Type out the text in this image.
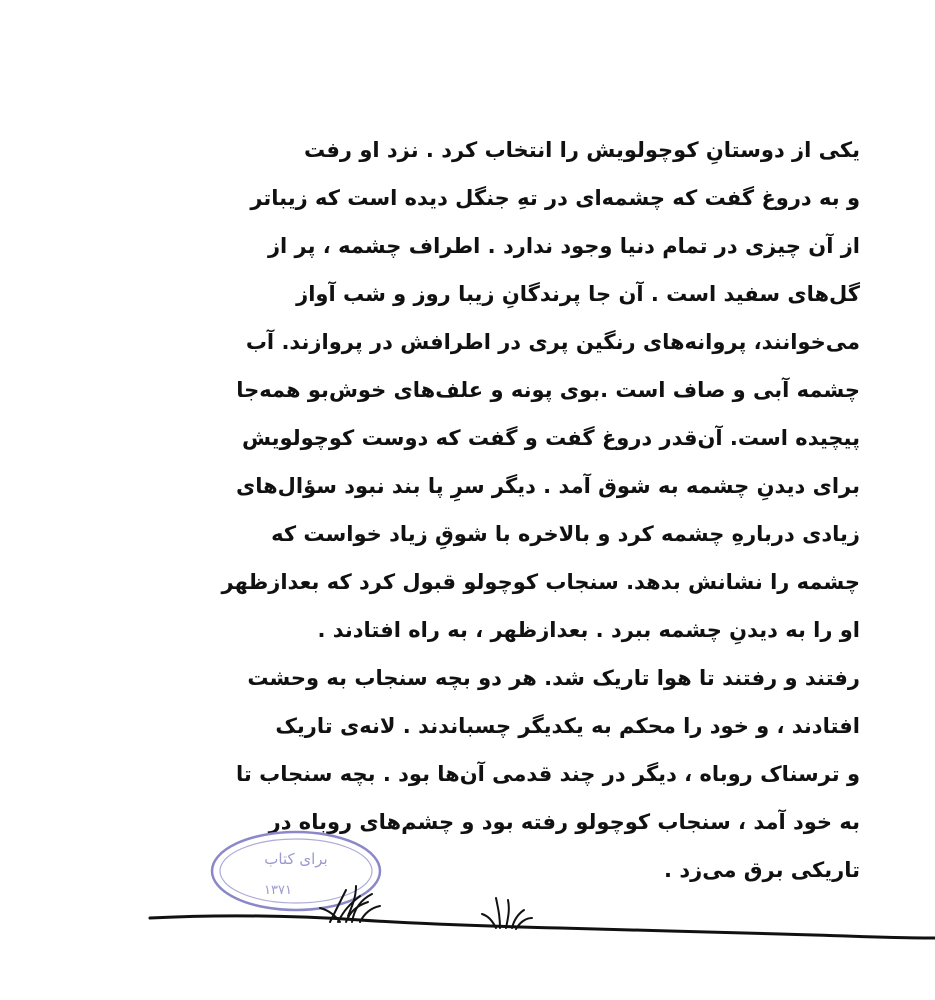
یکی از دوستانِ کوچولویش را انتخاب کرد . نزد او رفت
و به دروغ گفت که چشمه‌ای در تهِ جنگل دیده است که زیباتر
از آن چیزی در تمام دنیا وجود ندارد . اطراف چشمه ، پر از
گل‌های سفید است . آن جا پرندگانِ زیبا روز و شب آواز
می‌خوانند، پروانه‌های رنگین پری در اطرافش در پرواز‌ند. آب
چشمه آبی و صاف است .بوی پونه و علف‌های خوش‌بو همه‌جا
پیچیده است. آن‌قدر دروغ گفت و گفت که دوست کوچولویش
برای دیدنِ چشمه به شوق آمد . دیگر سرِ پا بند نبود سؤال‌های
زیادی دربارهِ چشمه کرد و بالاخره با شوقِ زیاد خواست که
چشمه را نشانش بدهد. سنجاب کوچولو قبول کرد که بعدازظهر
او را به دیدنِ چشمه ببرد . بعدازظهر ، به راه افتادند .
رفتند و رفتند تا هوا تاریک شد. هر دو بچه سنجاب به وحشت
افتادند ، و خود را محکم به یکدیگر چسباندند . لانه‌ی تاریک
و ترسناک روباه ، دیگر در چند قدمی آن‌ها بود . بچه سنجاب تا
به خود آمد ، سنجاب کوچولو رفته بود و چشم‌های روباه در
تاریکی برق می‌زد .
برای کتاب
۱۳۷۱
